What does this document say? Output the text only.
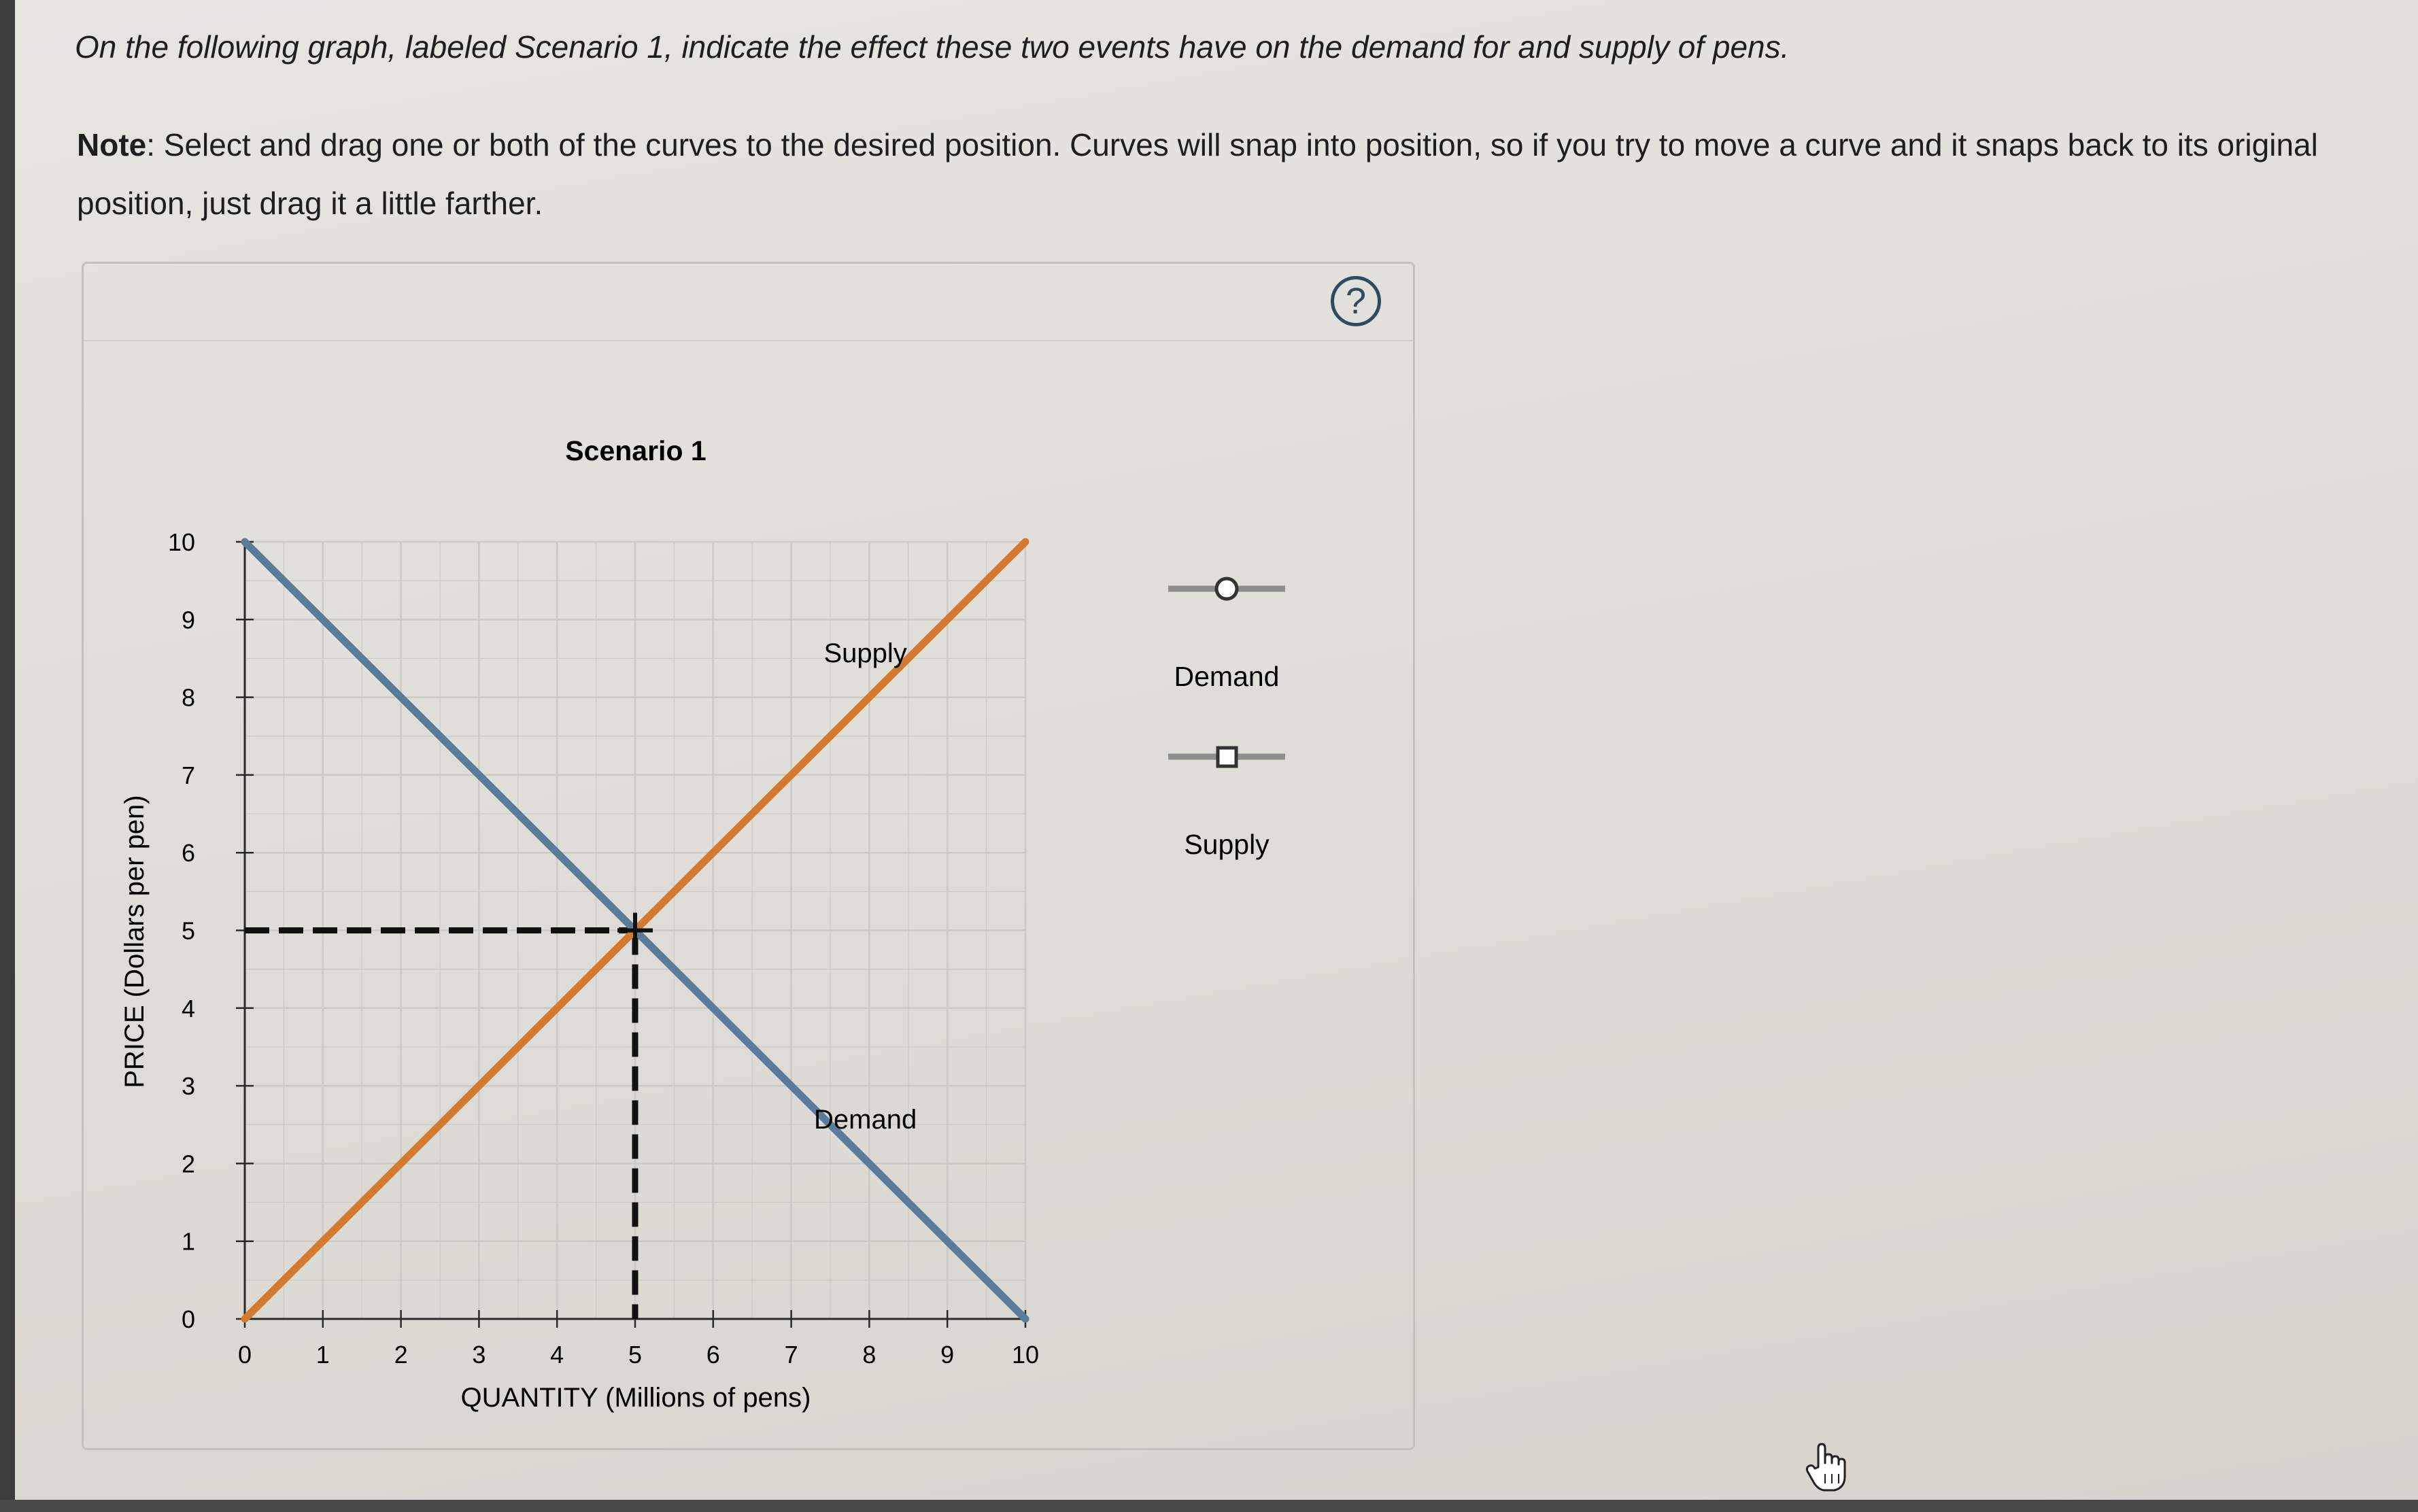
On the following graph, labeled Scenario 1, indicate the effect these two events have on the demand for and supply of pens.

Note: Select and drag one or both of the curves to the desired position. Curves will snap into position, so if you try to move a curve and it snaps back to its original position, just drag it a little farther.

?
Scenario 1
0	1	2	3	4	5	6	7	8	9 10
0
1
2
3
4
5
6
7
8
9
10
Supply
Demand
QUANTITY (Millions of pens)
PRICE (Dollars per pen)
Demand
Supply
